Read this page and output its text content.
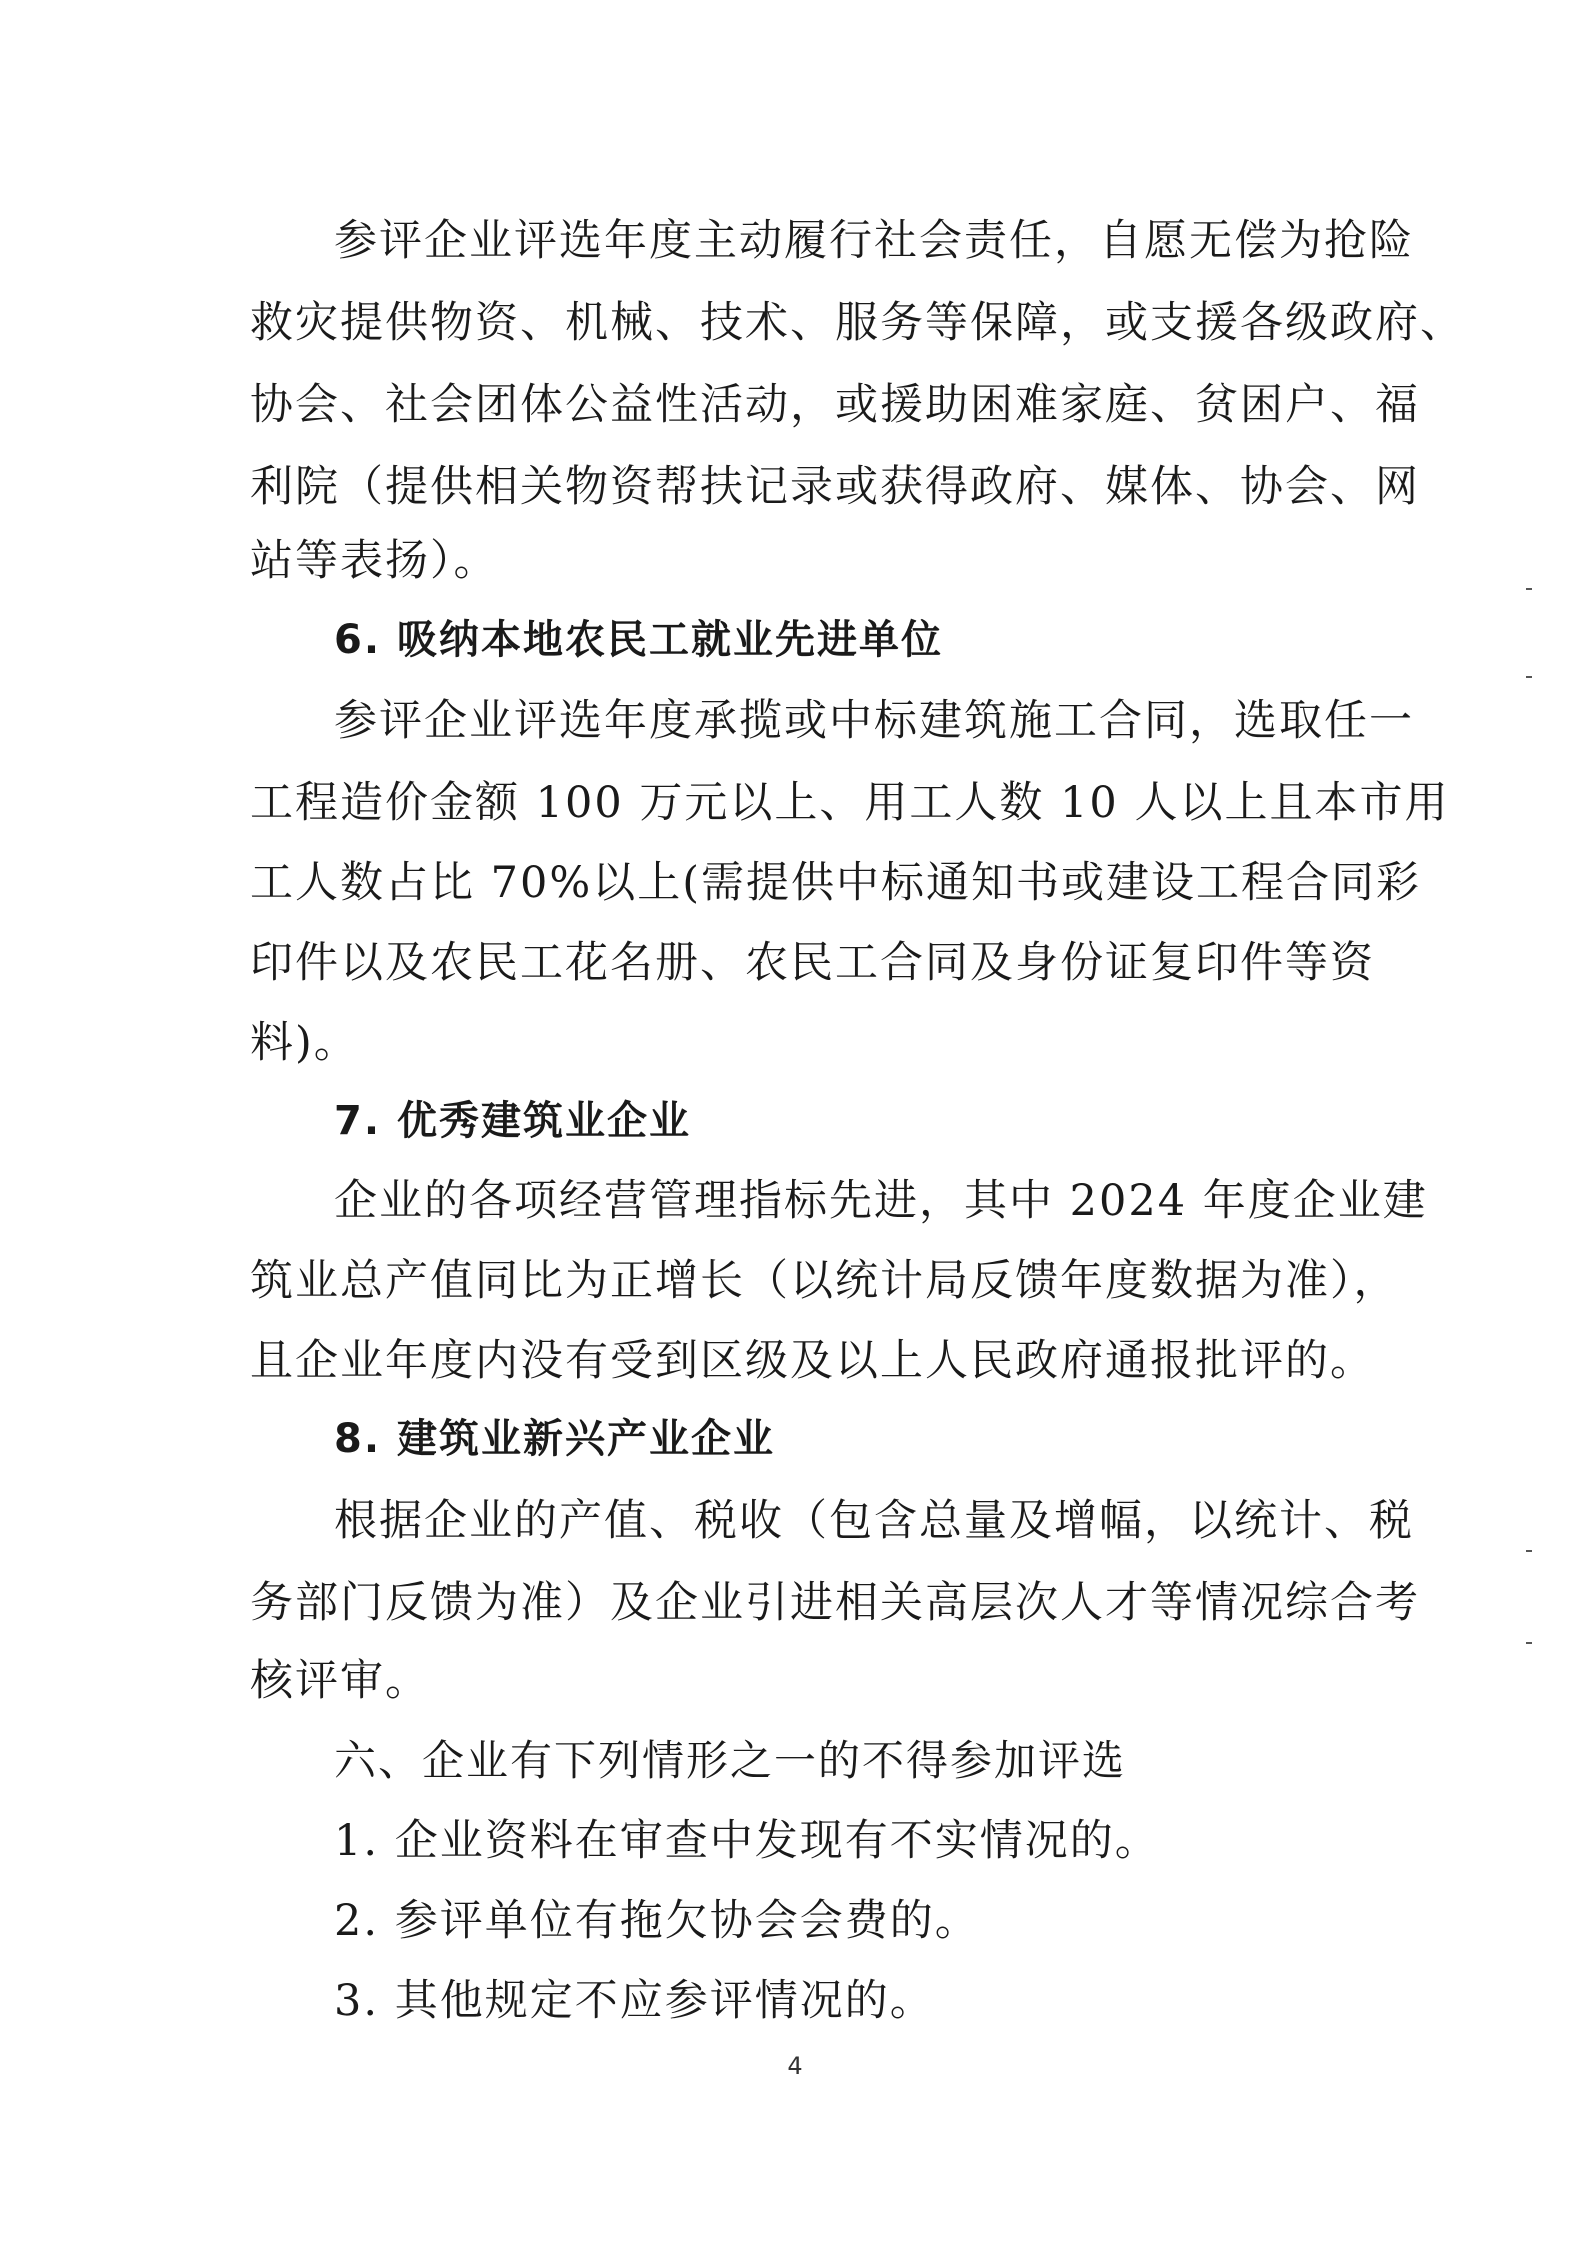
参评企业评选年度主动履行社会责任，自愿无偿为抢险
救灾提供物资、机械、技术、服务等保障，或支援各级政府、
协会、社会团体公益性活动，或援助困难家庭、贫困户、福
利院（提供相关物资帮扶记录或获得政府、媒体、协会、网
站等表扬）。
6. 吸纳本地农民工就业先进单位
参评企业评选年度承揽或中标建筑施工合同，选取任一
工程造价金额 100 万元以上、用工人数 10 人以上且本市用
工人数占比 70%以上(需提供中标通知书或建设工程合同彩
印件以及农民工花名册、农民工合同及身份证复印件等资
料)。
7. 优秀建筑业企业
企业的各项经营管理指标先进，其中 2024 年度企业建
筑业总产值同比为正增长（以统计局反馈年度数据为准），
且企业年度内没有受到区级及以上人民政府通报批评的。
8. 建筑业新兴产业企业
根据企业的产值、税收（包含总量及增幅，以统计、税
务部门反馈为准）及企业引进相关高层次人才等情况综合考
核评审。
六、企业有下列情形之一的不得参加评选
1. 企业资料在审查中发现有不实情况的。
2. 参评单位有拖欠协会会费的。
3. 其他规定不应参评情况的。
4
